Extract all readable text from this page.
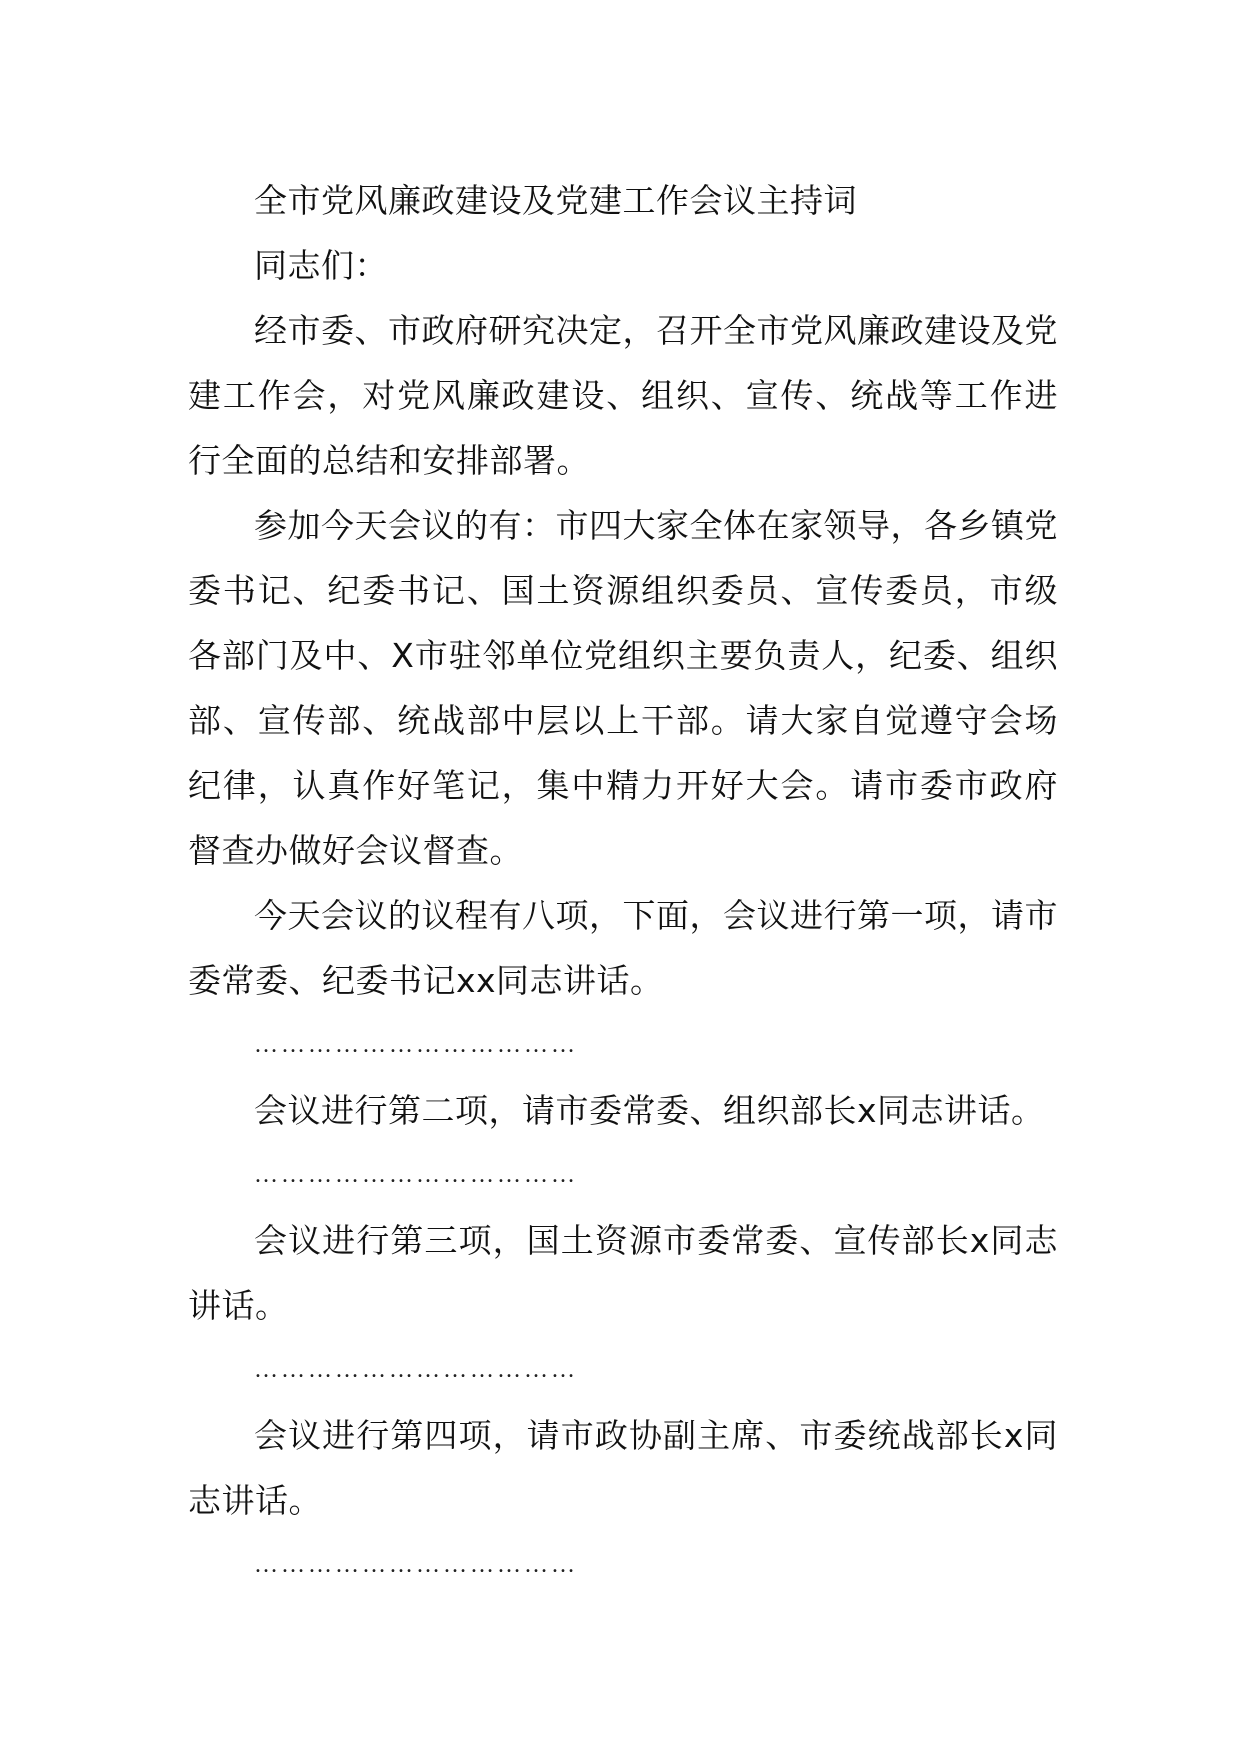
全市党风廉政建设及党建工作会议主持词

同志们：

经市委、市政府研究决定，召开全市党风廉政建设及党建工作会，对党风廉政建设、组织、宣传、统战等工作进行全面的总结和安排部署。

参加今天会议的有：市四大家全体在家领导，各乡镇党委书记、纪委书记、国土资源组织委员、宣传委员，市级各部门及中、X市驻邻单位党组织主要负责人，纪委、组织部、宣传部、统战部中层以上干部。请大家自觉遵守会场纪律，认真作好笔记，集中精力开好大会。请市委市政府督查办做好会议督查。

今天会议的议程有八项，下面，会议进行第一项，请市委常委、纪委书记xx同志讲话。

………………………………

会议进行第二项，请市委常委、组织部长x同志讲话。

………………………………

会议进行第三项，国土资源市委常委、宣传部长x同志讲话。

………………………………

会议进行第四项，请市政协副主席、市委统战部长x同志讲话。

………………………………
